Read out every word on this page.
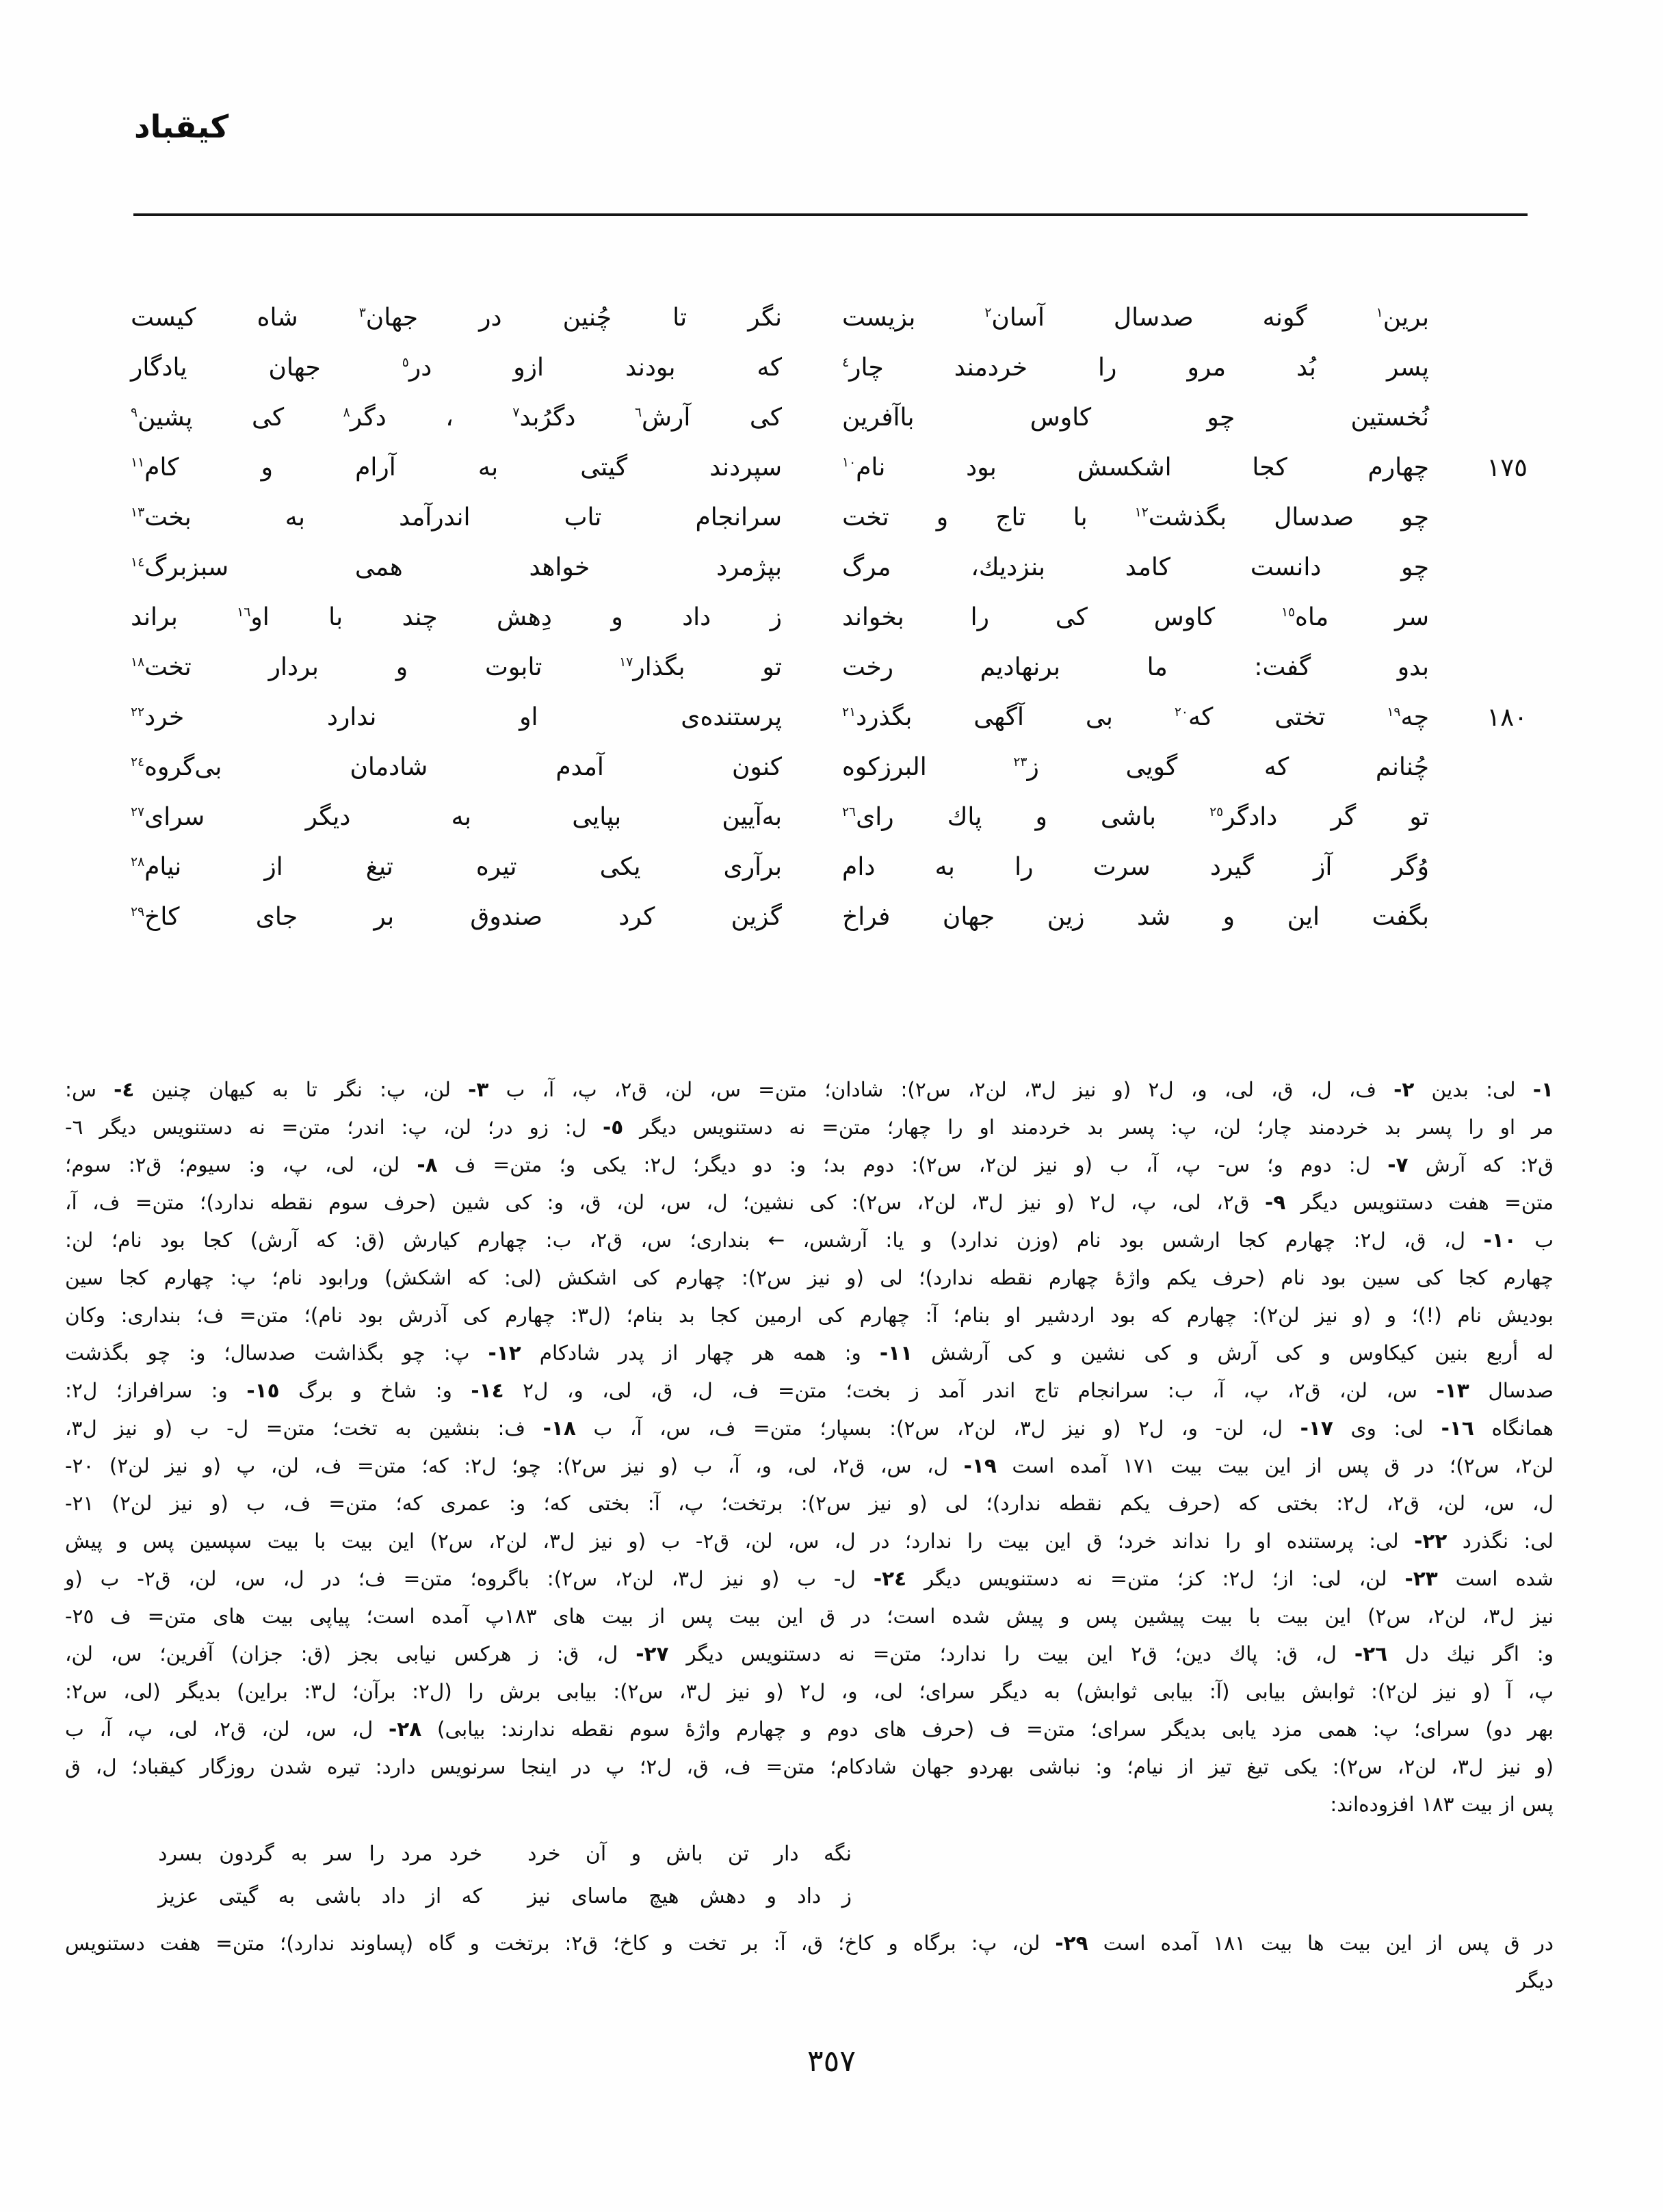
کیقباد
برین$^١$
گونه
صدسال
آسان$^٢$
بزیست
نگر
تا
چُنین
در
جهان$^٣$
شاه
کیست
پسر
بُد
مرو
را
خردمند
چار$^٤$
که
بودند
ازو
در$^٥$
جهان
یادگار
نُخستین
چو
کاوس
باآفرین
کی
آرش$^٦$
دگرُبد$^٧$
،
دگر$^٨$
کی
پشین$^٩$
١٧٥
چهارم
کجا
اشکسش
بود
نام$^{١٠}$
سپردند
گیتی
به
آرام
و
کام$^{١١}$
چو
صدسال
بگذشت$^{١٢}$
با
تاج
و
تخت
سرانجام
تاب
اندرآمد
به
بخت$^{١٣}$
چو
دانست
کامد
بنزدیك،
مرگ
بپژمرد
خواهد
همی
سبزبرگ$^{١٤}$
سر
ماه$^{١٥}$
کاوس
کی
را
بخواند
ز
داد
و
دِهش
چند
با
او$^{١٦}$
براند
بدو
گفت:
ما
برنهادیم
رخت
تو
بگذار$^{١٧}$
تابوت
و
بردار
تخت$^{١٨}$
١٨٠
چه$^{١٩}$
تختی
که$^{٢٠}$
بی
آگهی
بگذرد$^{٢١}$
پرستنده‌ی
او
ندارد
خرد$^{٢٢}$
چُنانم
که
گویی
ز$^{٢٣}$
البرزکوه
کنون
آمدم
شادمان
بی‌گروه$^{٢٤}$
تو
گر
دادگر$^{٢٥}$
باشی
و
پاك
رای$^{٢٦}$
به‌آیین
بپایی
به
دیگر
سرای$^{٢٧}$
وُگر
آز
گیرد
سرت
را
به
دام
برآری
یکی
تیره
تیغ
از
نیام$^{٢٨}$
بگفت
این
و
شد
زین
جهان
فراخ
گزین
کرد
صندوق
بر
جای
کاخ$^{٢٩}$
١- لی: بدین ٢- ف، ل، ق، لی، و، ل٢ (و نیز ل٣، لن٢، س٢): شادان؛ متن= س، لن، ق٢، پ، آ، ب ٣- لن، پ: نگر تا به کیهان چنین ٤- س:
مر او را پسر بد خردمند چار؛ لن، پ: پسر بد خردمند او را چهار؛ متن= نه دستنویس دیگر ٥- ل: زو در؛ لن، پ: اندر؛ متن= نه دستنویس دیگر ٦-
ق٢: که آرش ٧- ل: دوم و؛ س- پ، آ، ب (و نیز لن٢، س٢): دوم بد؛ و: دو دیگر؛ ل٢: یکی و؛ متن= ف ٨- لن، لی، پ، و: سیوم؛ ق٢: سوم؛
متن= هفت دستنویس دیگر ٩- ق٢، لی، پ، ل٢ (و نیز ل٣، لن٢، س٢): کی نشین؛ ل، س، لن، ق، و: کی شین (حرف سوم نقطه ندارد)؛ متن= ف، آ،
ب ١٠- ل، ق، ل٢: چهارم کجا ارشس بود نام (وزن ندارد) و یا: آرشس، ← بنداری؛ س، ق٢، ب: چهارم کیارش (ق: که آرش) کجا بود نام؛ لن:
چهارم کجا کی سین بود نام (حرف یکم واژهٔ چهارم نقطه ندارد)؛ لی (و نیز س٢): چهارم کی اشکش (لی: که اشکش) ورابود نام؛ پ: چهارم کجا سین
بودیش نام (!)؛ و (و نیز لن٢): چهارم که بود اردشیر او بنام؛ آ: چهارم کی ارمین کجا بد بنام؛ (ل٣: چهارم کی آذرش بود نام)؛ متن= ف؛ بنداری: وکان
له أربع بنین کیکاوس و کی آرش و کی نشین و کی آرشش ١١- و: همه هر چهار از پدر شادکام ١٢- پ: چو بگذاشت صدسال؛ و: چو بگذشت
صدسال ١٣- س، لن، ق٢، پ، آ، ب: سرانجام تاج اندر آمد ز بخت؛ متن= ف، ل، ق، لی، و، ل٢ ١٤- و: شاخ و برگ ١٥- و: سرافراز؛ ل٢:
همانگاه ١٦- لی: وی ١٧- ل، لن- و، ل٢ (و نیز ل٣، لن٢، س٢): بسپار؛ متن= ف، س، آ، ب ١٨- ف: بنشین به تخت؛ متن= ل- ب (و نیز ل٣،
لن٢، س٢)؛ در ق پس از این بیت بیت ١٧١ آمده است ١٩- ل، س، ق٢، لی، و، آ، ب (و نیز س٢): چو؛ ل٢: که؛ متن= ف، لن، پ (و نیز لن٢) ٢٠-
ل، س، لن، ق٢، ل٢: بختی که (حرف یکم نقطه ندارد)؛ لی (و نیز س٢): برتخت؛ پ، آ: بختی که؛ و: عمری که؛ متن= ف، ب (و نیز لن٢) ٢١-
لی: نگذرد ٢٢- لی: پرستنده او را نداند خرد؛ ق این بیت را ندارد؛ در ل، س، لن، ق٢- ب (و نیز ل٣، لن٢، س٢) این بیت با بیت سپسین پس و پیش
شده است ٢٣- لن، لی: از؛ ل٢: کز؛ متن= نه دستنویس دیگر ٢٤- ل- ب (و نیز ل٣، لن٢، س٢): باگروه؛ متن= ف؛ در ل، س، لن، ق٢- ب (و
نیز ل٣، لن٢، س٢) این بیت با بیت پیشین پس و پیش شده است؛ در ق این بیت پس از بیت های ١٨٣پ آمده است؛ پیاپی بیت های متن= ف ٢٥-
و: اگر نیك دل ٢٦- ل، ق: پاك دین؛ ق٢ این بیت را ندارد؛ متن= نه دستنویس دیگر ٢٧- ل، ق: ز هرکس نیابی بجز (ق: جزان) آفرین؛ س، لن،
پ، آ (و نیز لن٢): ثوابش بیابی (آ: بیابی ثوابش) به دیگر سرای؛ لی، و، ل٢ (و نیز ل٣، س٢): بیابی برش را (ل٢: برآن؛ ل٣: براین) بدیگر (لی، س٢:
بهر دو) سرای؛ پ: همی مزد یابی بدیگر سرای؛ متن= ف (حرف های دوم و چهارم واژهٔ سوم نقطه ندارند: بیابی) ٢٨- ل، س، لن، ق٢، لی، پ، آ، ب
(و نیز ل٣، لن٢، س٢): یکی تیغ تیز از نیام؛ و: نباشی بهردو جهان شادکام؛ متن= ف، ق، ل٢؛ پ در اینجا سرنویس دارد: تیره شدن روزگار کیقباد؛ ل، ق
پس از بیت ١٨٣ افزوده‌اند:
نگه
دار
تن
باش
و
آن
خرد
خرد
مرد
را
سر
به
گردون
بسرد
ز
داد
و
دهش
هیچ
ماسای
نیز
که
از
داد
باشی
به
گیتی
عزیز
در ق پس از این بیت ها بیت ١٨١ آمده است ٢٩- لن، پ: برگاه و کاخ؛ ق، آ: بر تخت و کاخ؛ ق٢: برتخت و گاه (پساوند ندارد)؛ متن= هفت دستنویس
دیگر
٣٥٧
